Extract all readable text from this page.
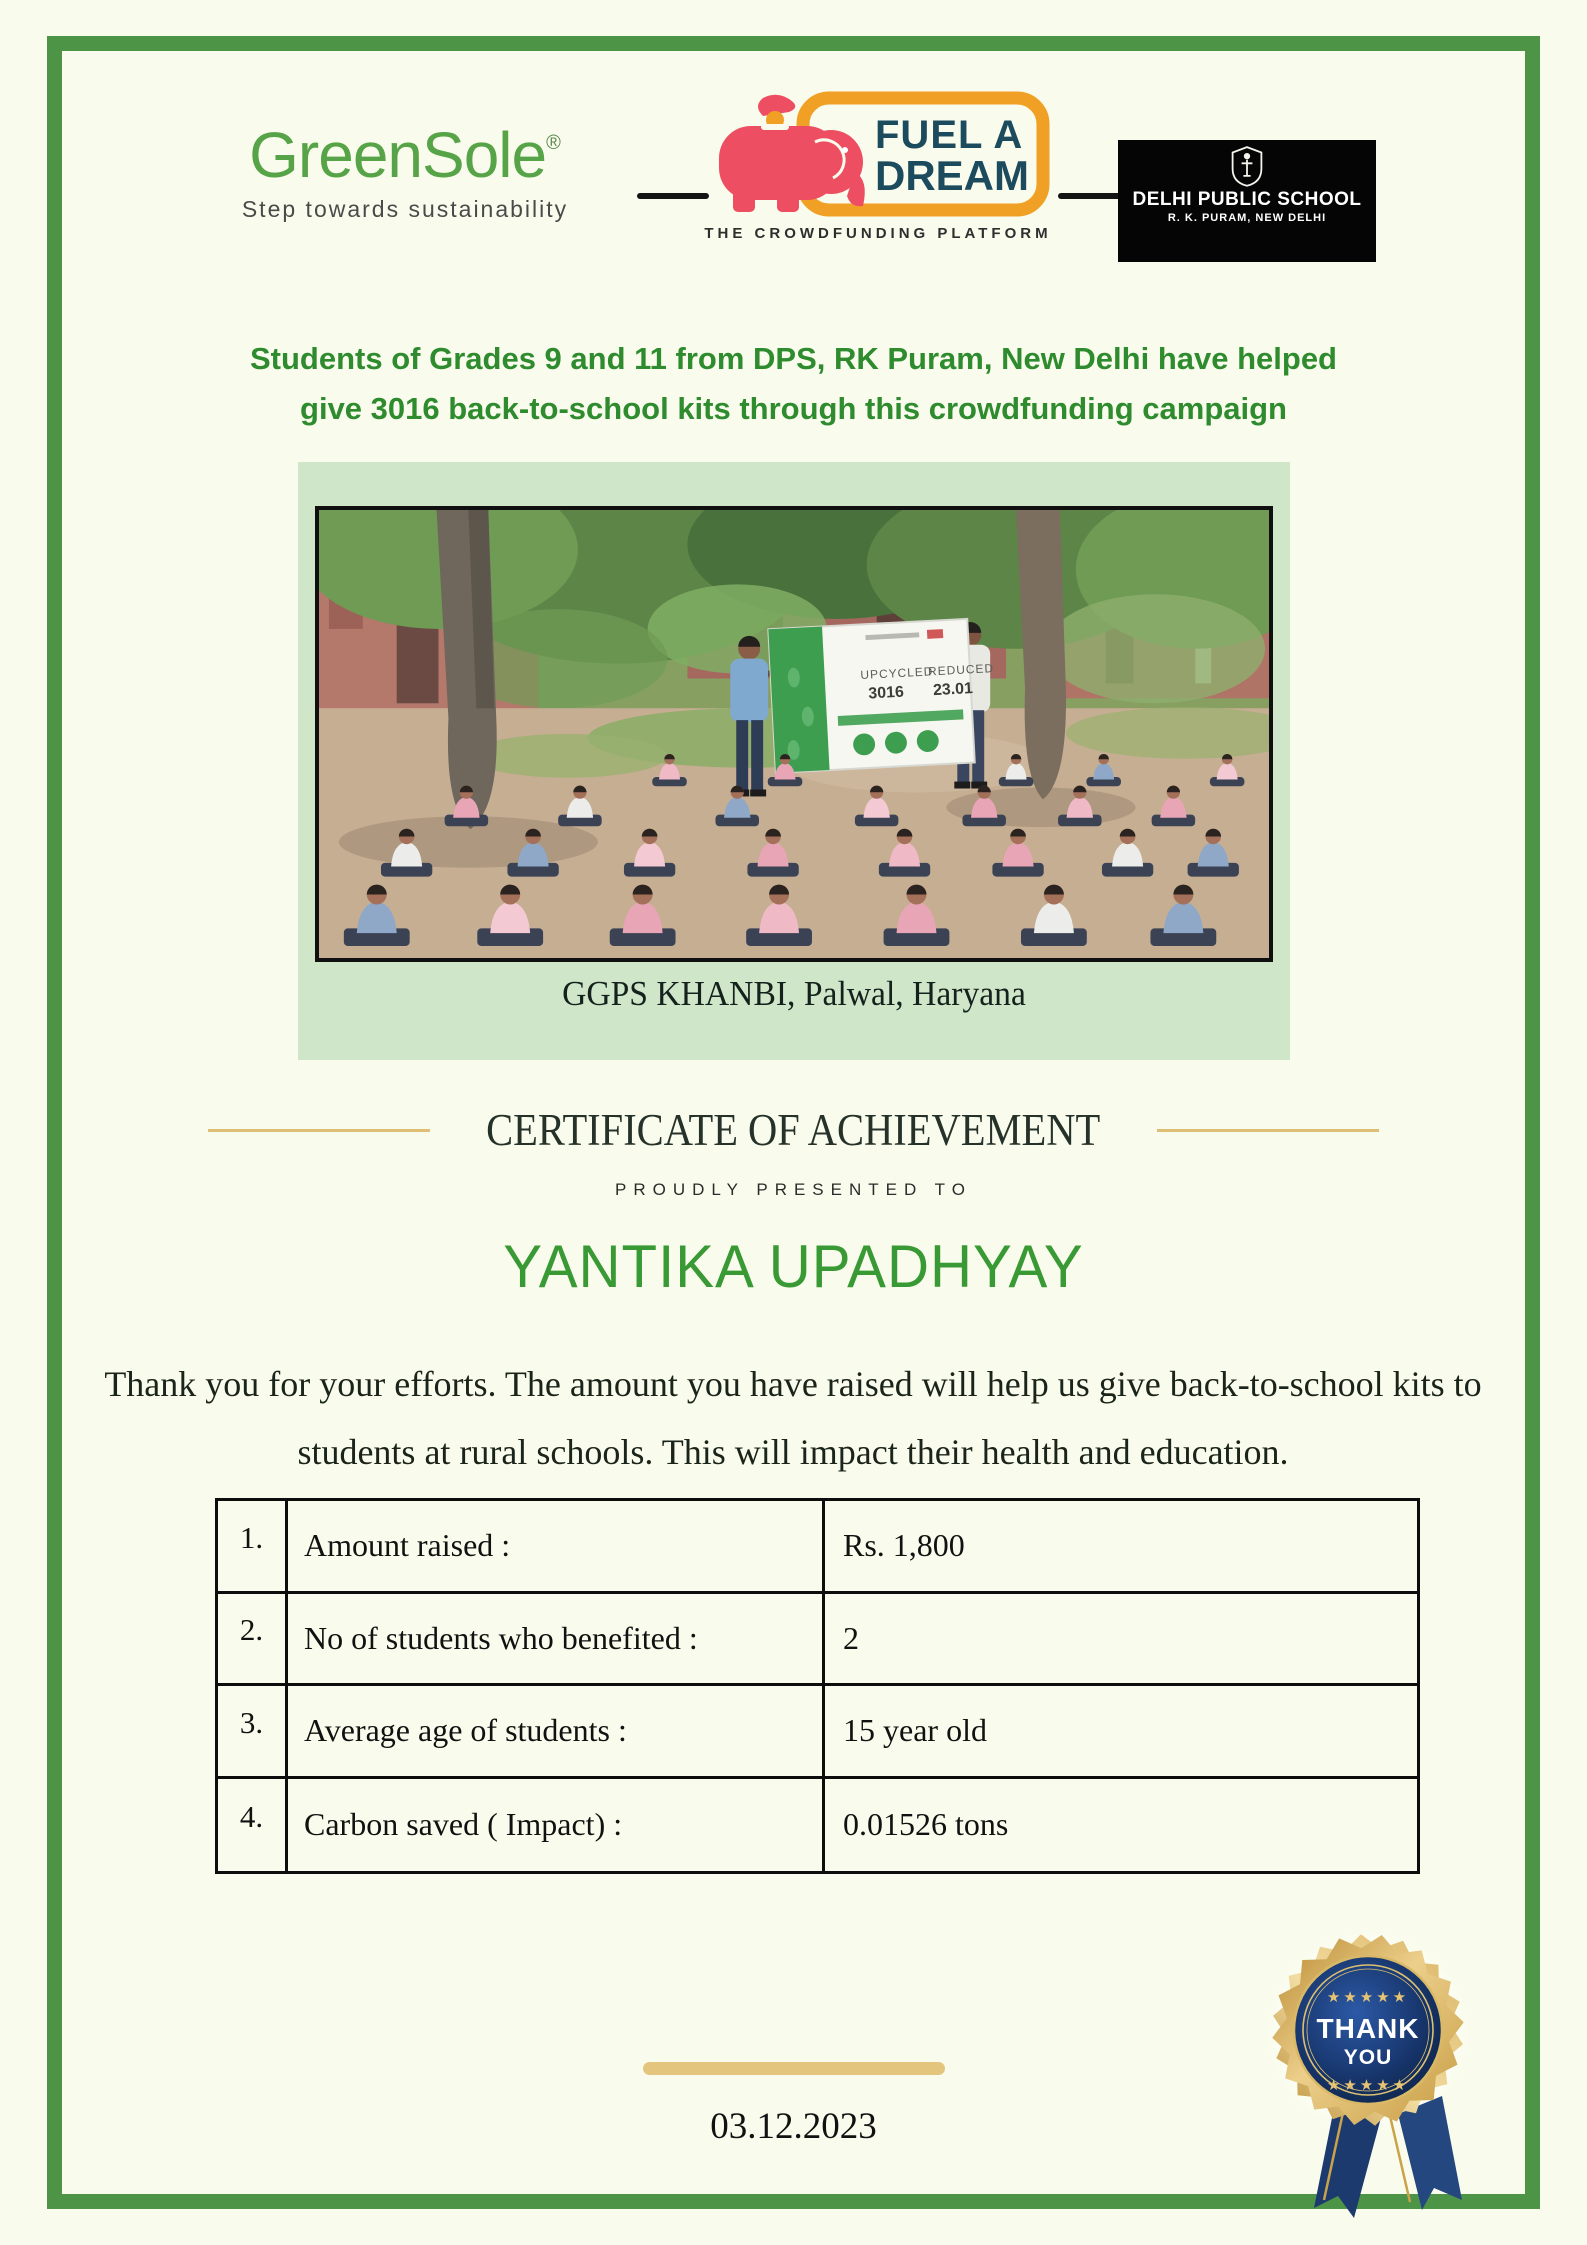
GreenSole®
Step towards sustainability
FUEL A
DREAM
THE CROWDFUNDING PLATFORM
DELHI PUBLIC SCHOOL
R. K. PURAM, NEW DELHI
Students of Grades 9 and 11 from DPS, RK Puram, New Delhi have helped
give 3016 back-to-school kits through this crowdfunding campaign
UPCYCLED
3016
REDUCED
23.01
GGPS KHANBI, Palwal, Haryana
CERTIFICATE OF ACHIEVEMENT
PROUDLY PRESENTED TO
YANTIKA UPADHYAY
Thank you for your efforts. The amount you have raised will help us give back-to-school kits to students at rural schools. This will impact their health and education.
1.	Amount raised :	Rs. 1,800
2.	No of students who benefited :	2
3.	Average age of students :	15 year old
4.	Carbon saved ( Impact) :	0.01526 tons
★★★★★
THANK
YOU
★★★★★
03.12.2023
